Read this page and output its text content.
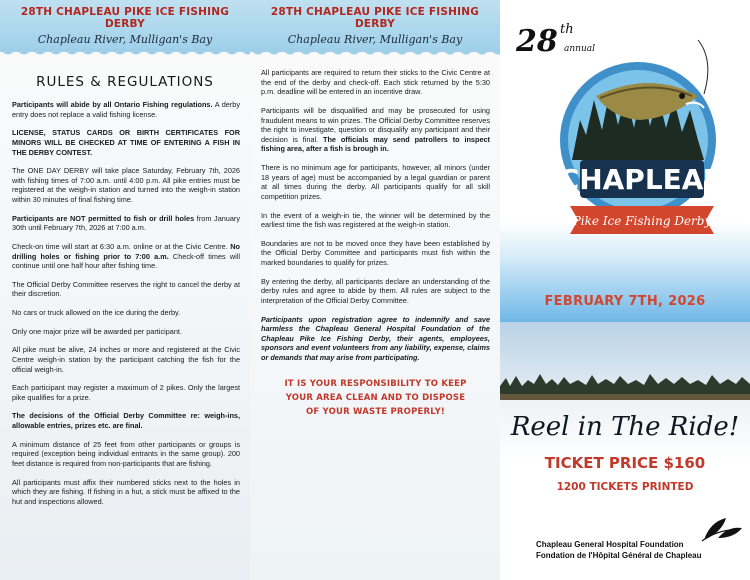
28TH CHAPLEAU PIKE ICE FISHING DERBY
Chapleau River, Mulligan's Bay
RULES & REGULATIONS

Participants will abide by all Ontario Fishing regulations. A derby entry does not replace a valid fishing license.

LICENSE, STATUS CARDS OR BIRTH CERTIFICATES FOR MINORS WILL BE CHECKED AT TIME OF ENTERING A FISH IN THE DERBY CONTEST.

The ONE DAY DERBY will take place Saturday, February 7th, 2026 with fishing times of 7:00 a.m. until 4:00 p.m. All pike entries must be registered at the weigh-in station and turned into the weigh-in station within 30 minutes of final fishing time.

Participants are NOT permitted to fish or drill holes from January 30th until February 7th, 2026 at 7:00 a.m.

Check-on time will start at 6:30 a.m. online or at the Civic Centre. No drilling holes or fishing prior to 7:00 a.m. Check-off times will continue until one half hour after fishing time.

The Official Derby Committee reserves the right to cancel the derby at their discretion.

No cars or truck allowed on the ice during the derby.

Only one major prize will be awarded per participant.

All pike must be alive, 24 inches or more and registered at the Civic Centre weigh-in station by the participant catching the fish for the official weigh-in.

Each participant may register a maximum of 2 pikes. Only the largest pike qualifies for a prize.

The decisions of the Official Derby Committee re: weigh-ins, allowable entries, prizes etc. are final.

A minimum distance of 25 feet from other participants or groups is required (exception being individual entrants in the same group). 200 feet distance is required from non-participants that are fishing.

All participants must affix their numbered sticks next to the holes in which they are fishing. If fishing in a hut, a stick must be affixed to the hut and inspections allowed.

28TH CHAPLEAU PIKE ICE FISHING DERBY
Chapleau River, Mulligan's Bay

All participants are required to return their sticks to the Civic Centre at the end of the derby and check-off. Each stick returned by the 5:30 p.m. deadline will be entered in an incentive draw.

Participants will be disqualified and may be prosecuted for using fraudulent means to win prizes. The Official Derby Committee reserves the right to investigate, question or disqualify any participant and their decision is final. The officials may send patrollers to inspect fishing area, after a fish is brough in.

There is no minimum age for participants, however, all minors (under 18 years of age) must be accompanied by a legal guardian or parent at all times during the derby. All participants qualify for all skill competition prizes.

In the event of a weigh-in tie, the winner will be determined by the earliest time the fish was registered at the weigh-in station.

Boundaries are not to be moved once they have been established by the Official Derby Committee and participants must fish within the marked boundaries to qualify for prizes.

By entering the derby, all participants declare an understanding of the derby rules and agree to abide by them. All rules are subject to the interpretation of the Official Derby Committee.

Participants upon registration agree to indemnify and save harmless the Chapleau General Hospital Foundation of the Chapleau Pike Ice Fishing Derby, their agents, employees, sponsors and event volunteers from any liability, expense, claims or demands that may arise from participating.

IT IS YOUR RESPONSIBILITY TO KEEP
YOUR AREA CLEAN AND TO DISPOSE
OF YOUR WASTE PROPERLY!
CHAPLEAU
Pike Ice Fishing Derby
28 th
annual
FEBRUARY 7TH, 2026
Reel in The Ride!
TICKET PRICE $160
1200 TICKETS PRINTED
Chapleau General Hospital Foundation
Fondation de l'Hôpital Général de Chapleau
